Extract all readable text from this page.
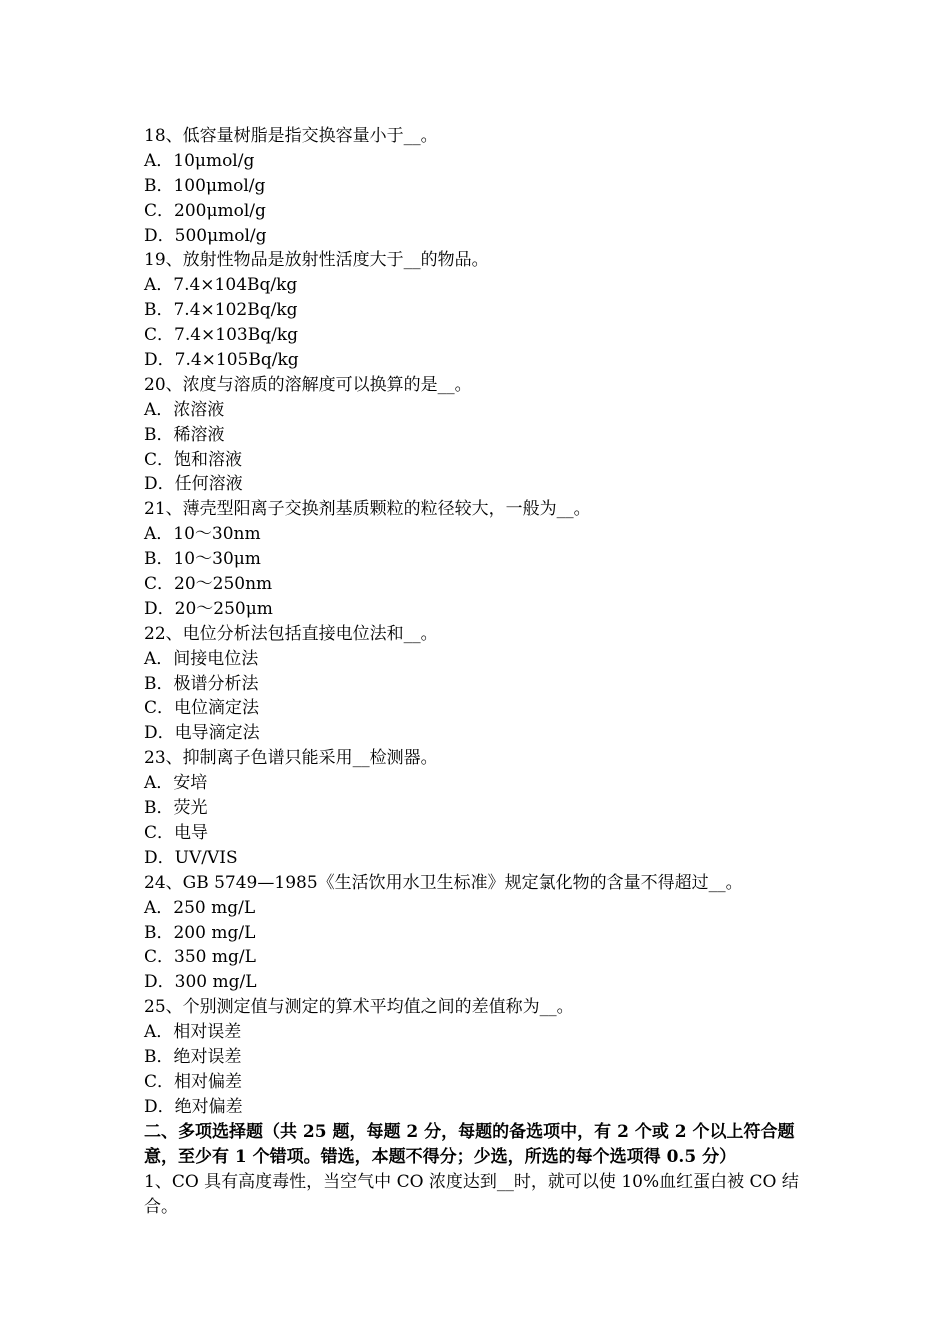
18、低容量树脂是指交换容量小于__。
A．10μmol/g
B．100μmol/g
C．200μmol/g
D．500μmol/g
19、放射性物品是放射性活度大于__的物品。
A．7.4×104Bq/kg
B．7.4×102Bq/kg
C．7.4×103Bq/kg
D．7.4×105Bq/kg
20、浓度与溶质的溶解度可以换算的是__。
A．浓溶液
B．稀溶液
C．饱和溶液
D．任何溶液
21、薄壳型阳离子交换剂基质颗粒的粒径较大，一般为__。
A．10～30nm
B．10～30μm
C．20～250nm
D．20～250μm
22、电位分析法包括直接电位法和__。
A．间接电位法
B．极谱分析法
C．电位滴定法
D．电导滴定法
23、抑制离子色谱只能采用__检测器。
A．安培
B．荧光
C．电导
D．UV/VIS
24、GB 5749—1985《生活饮用水卫生标准》规定氯化物的含量不得超过__。
A．250 mg/L
B．200 mg/L
C．350 mg/L
D．300 mg/L
25、个别测定值与测定的算术平均值之间的差值称为__。
A．相对误差
B．绝对误差
C．相对偏差
D．绝对偏差
二、多项选择题（共 25 题，每题 2 分，每题的备选项中，有 2 个或 2 个以上符合题意，至少有 1 个错项。错选，本题不得分；少选，所选的每个选项得 0.5 分）
1、CO 具有高度毒性，当空气中 CO 浓度达到__时，就可以使 10%血红蛋白被 CO 结合。
